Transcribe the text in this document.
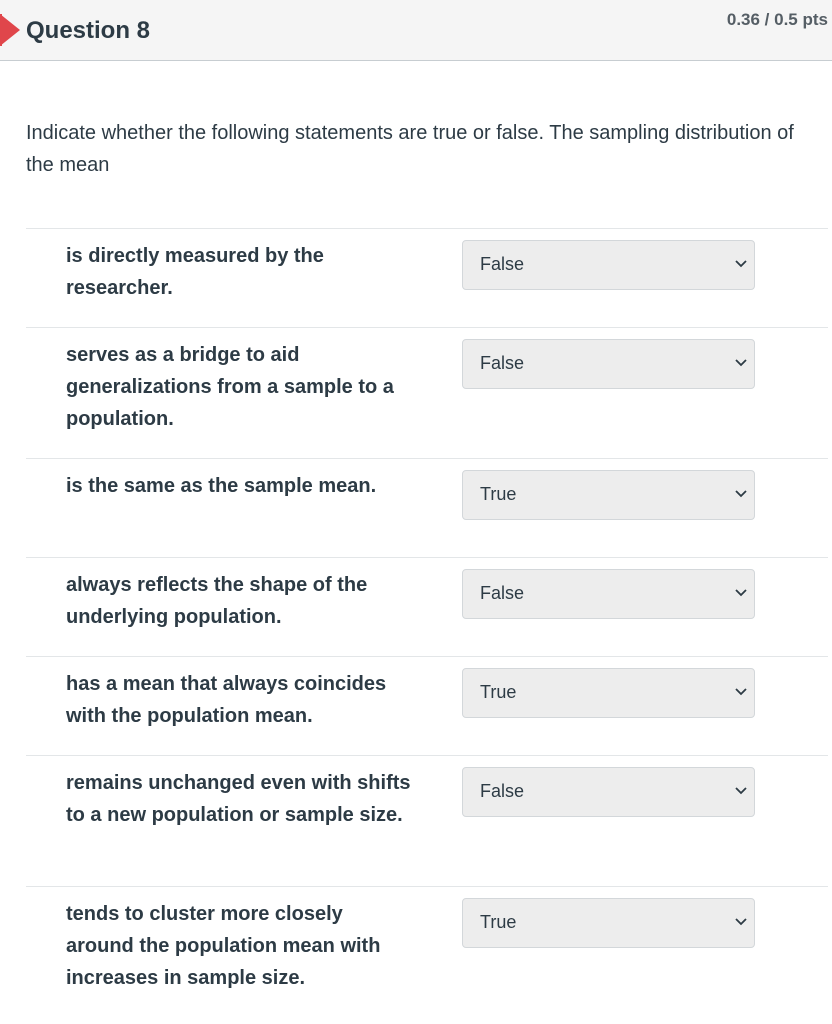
Question 8	0.36 / 0.5 pts
Indicate whether the following statements are true or false. The sampling distribution of the mean
is directly measured by the researcher.
False
serves as a bridge to aid generalizations from a sample to a population.
False
is the same as the sample mean.	True
always reflects the shape of the underlying population.
False
has a mean that always coincides with the population mean.
True
remains unchanged even with shifts to a new population or sample size.
False
tends to cluster more closely around the population mean with increases in sample size.
True
